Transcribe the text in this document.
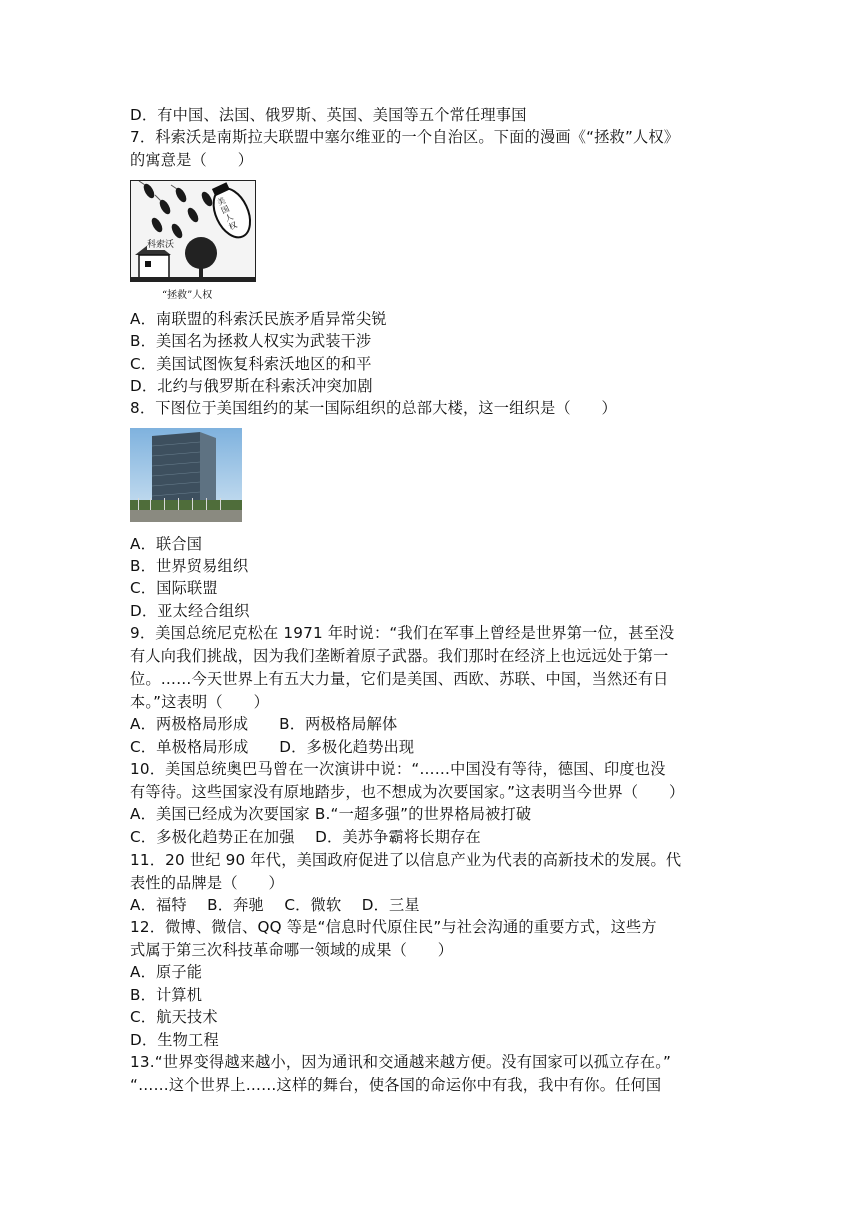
D．有中国、法国、俄罗斯、英国、美国等五个常任理事国
7．科索沃是南斯拉夫联盟中塞尔维亚的一个自治区。下面的漫画《“拯救”人权》
的寓意是（　　）
科索沃
美国人权
“拯救”人权
A．南联盟的科索沃民族矛盾异常尖锐
B．美国名为拯救人权实为武装干涉
C．美国试图恢复科索沃地区的和平
D．北约与俄罗斯在科索沃冲突加剧
8．下图位于美国组约的某一国际组织的总部大楼，这一组织是（　　）
A．联合国
B．世界贸易组织
C．国际联盟
D．亚太经合组织
9．美国总统尼克松在 1971 年时说：“我们在军事上曾经是世界第一位，甚至没
有人向我们挑战，因为我们垄断着原子武器。我们那时在经济上也远远处于第一
位。……今天世界上有五大力量，它们是美国、西欧、苏联、中国，当然还有日
本。”这表明（　　）
A．两极格局形成　　B．两极格局解体
C．单极格局形成　　D．多极化趋势出现
10．美国总统奥巴马曾在一次演讲中说：“……中国没有等待，德国、印度也没
有等待。这些国家没有原地踏步，也不想成为次要国家。”这表明当今世界（　　）
A．美国已经成为次要国家 B.“一超多强”的世界格局被打破
C．多极化趋势正在加强　 D．美苏争霸将长期存在
11．20 世纪 90 年代，美国政府促进了以信息产业为代表的高新技术的发展。代
表性的品牌是（　　）
A．福特　 B．奔驰　 C．微软　 D．三星
12．微博、微信、QQ 等是“信息时代原住民”与社会沟通的重要方式，这些方
式属于第三次科技革命哪一领域的成果（　　）
A．原子能
B．计算机
C．航天技术
D．生物工程
13.“世界变得越来越小，因为通讯和交通越来越方便。没有国家可以孤立存在。”
“……这个世界上……这样的舞台，使各国的命运你中有我，我中有你。任何国
